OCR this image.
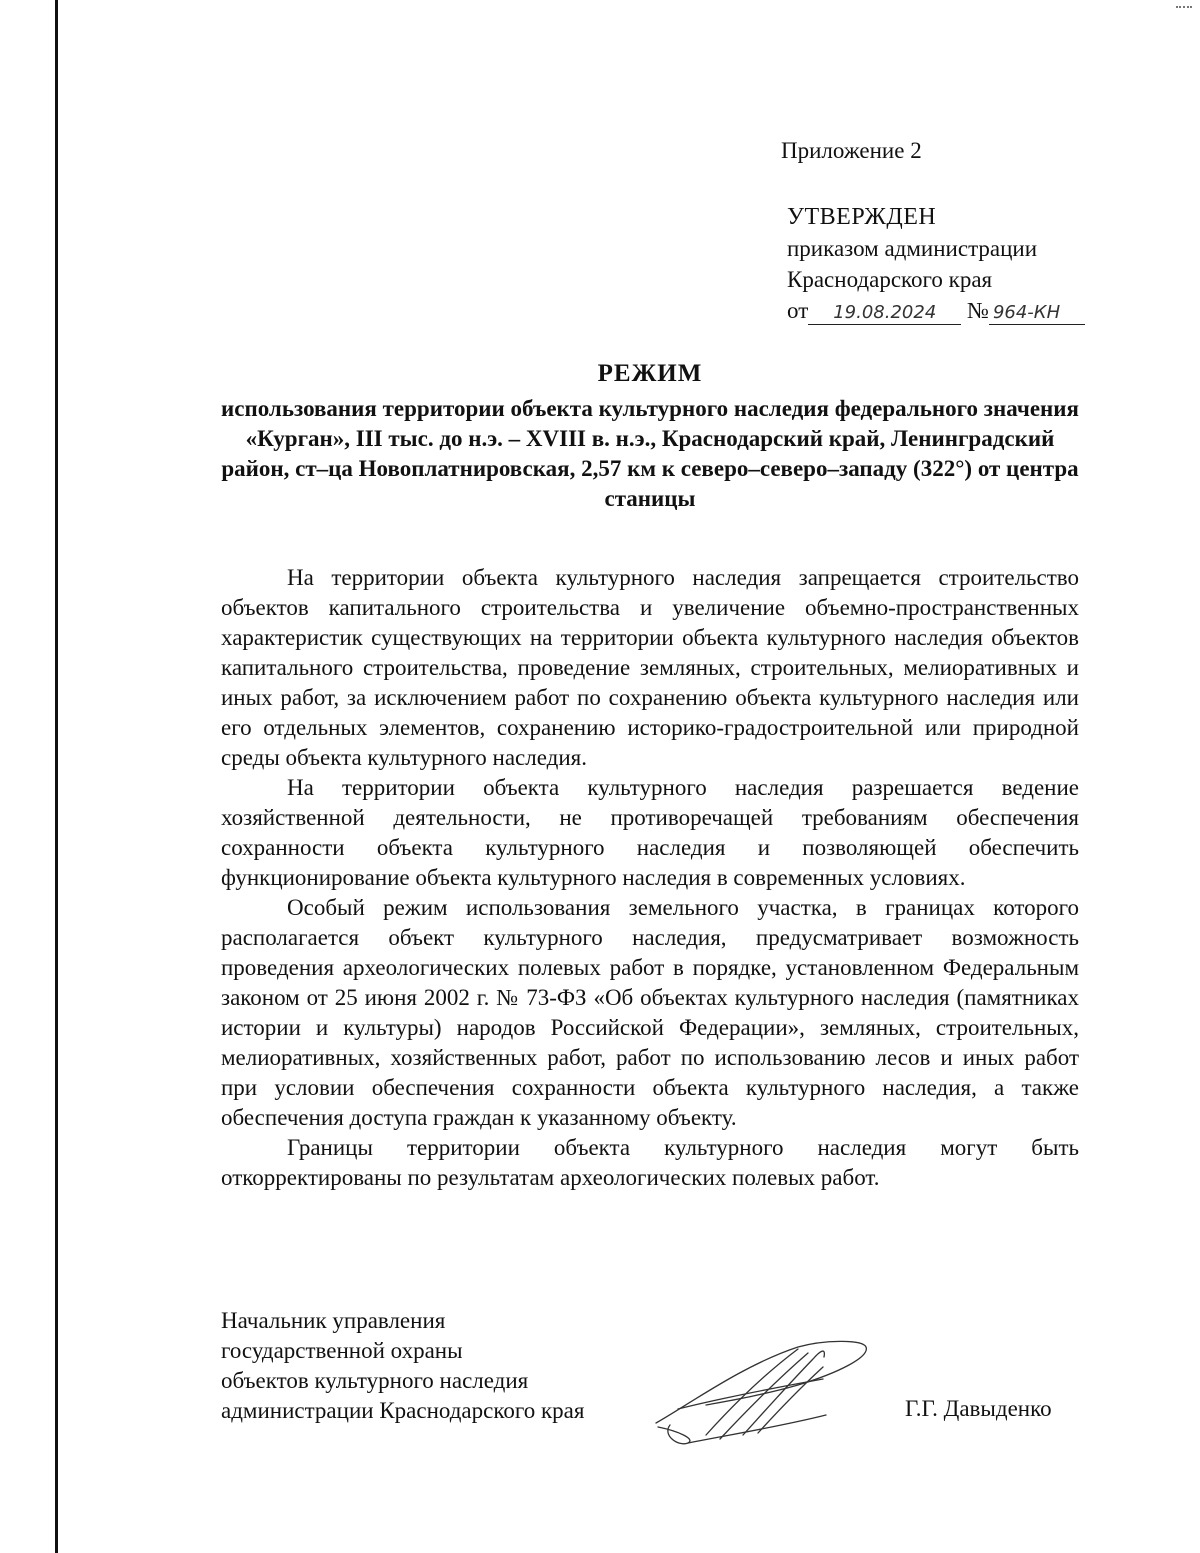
Приложение 2
УТВЕРЖДЕН
приказом администрации
Краснодарского края
от 19.08.2024 № 964-КН
РЕЖИМ
использования территории объекта культурного наследия федерального значения «Курган», III тыс. до н.э. – XVIII в. н.э., Краснодарский край, Ленинградский район, ст–ца Новоплатнировская, 2,57 км к северо–северо–западу (322°) от центра станицы

На территории объекта культурного наследия запрещается строительство объектов капитального строительства и увеличение объемно-пространственных характеристик существующих на территории объекта культурного наследия объектов капитального строительства, проведение земляных, строительных, мелиоративных и иных работ, за исключением работ по сохранению объекта культурного наследия или его отдельных элементов, сохранению историко-градостроительной или природной среды объекта культурного наследия.

На территории объекта культурного наследия разрешается ведение хозяйственной деятельности, не противоречащей требованиям обеспечения сохранности объекта культурного наследия и позволяющей обеспечить функционирование объекта культурного наследия в современных условиях.

Особый режим использования земельного участка, в границах которого располагается объект культурного наследия, предусматривает возможность проведения археологических полевых работ в порядке, установленном Федеральным законом от 25 июня 2002 г. № 73-ФЗ «Об объектах культурного наследия (памятниках истории и культуры) народов Российской Федерации», земляных, строительных, мелиоративных, хозяйственных работ, работ по использованию лесов и иных работ при условии обеспечения сохранности объекта культурного наследия, а также обеспечения доступа граждан к указанному объекту.

Границы территории объекта культурного наследия могут быть откорректированы по результатам археологических полевых работ.

Начальник управления
государственной охраны
объектов культурного наследия
администрации Краснодарского края	Г.Г. Давыденко
